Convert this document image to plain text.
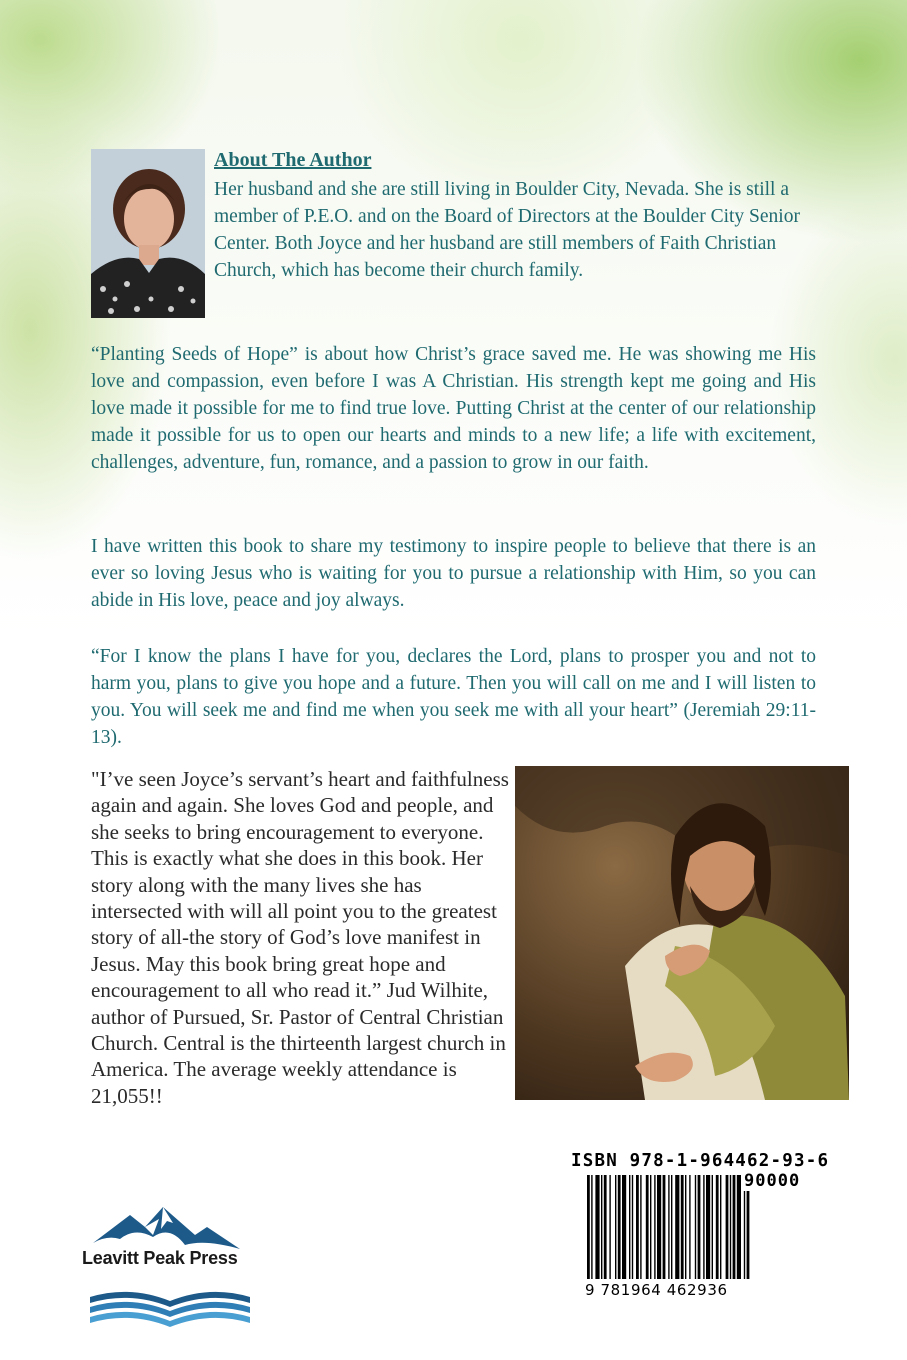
About The Author

Her husband and she are still living in Boulder City, Nevada. She is still a member of P.E.O. and on the Board of Directors at the Boulder City Senior Center. Both Joyce and her husband are still members of Faith Christian Church, which has become their church family.

“Planting Seeds of Hope” is about how Christ’s grace saved me. He was showing me His love and compassion, even before I was A Christian. His strength kept me going and His love made it possible for me to find true love. Putting Christ at the center of our relationship made it possible for us to open our hearts and minds to a new life; a life with excitement, challenges, adventure, fun, romance, and a passion to grow in our faith.

I have written this book to share my testimony to inspire people to believe that there is an ever so loving Jesus who is waiting for you to pursue a relationship with Him, so you can abide in His love, peace and joy always.

“For I know the plans I have for you, declares the Lord, plans to prosper you and not to harm you, plans to give you hope and a future. Then you will call on me and I will listen to you. You will seek me and find me when you seek me with all your heart” (Jeremiah 29:11-13).

"I’ve seen Joyce’s servant’s heart and faithfulness again and again. She loves God and people, and she seeks to bring encouragement to everyone. This is exactly what she does in this book. Her story along with the many lives she has intersected with will all point you to the greatest story of all-the story of God’s love manifest in Jesus. May this book bring great hope and encouragement to all who read it.” Jud Wilhite, author of Pursued, Sr. Pastor of Central Christian Church. Central is the thirteenth largest church in America. The average weekly attendance is 21,055!!

ISBN 978-1-964462-93-6
90000
9 781964 462936
Leavitt Peak Press
